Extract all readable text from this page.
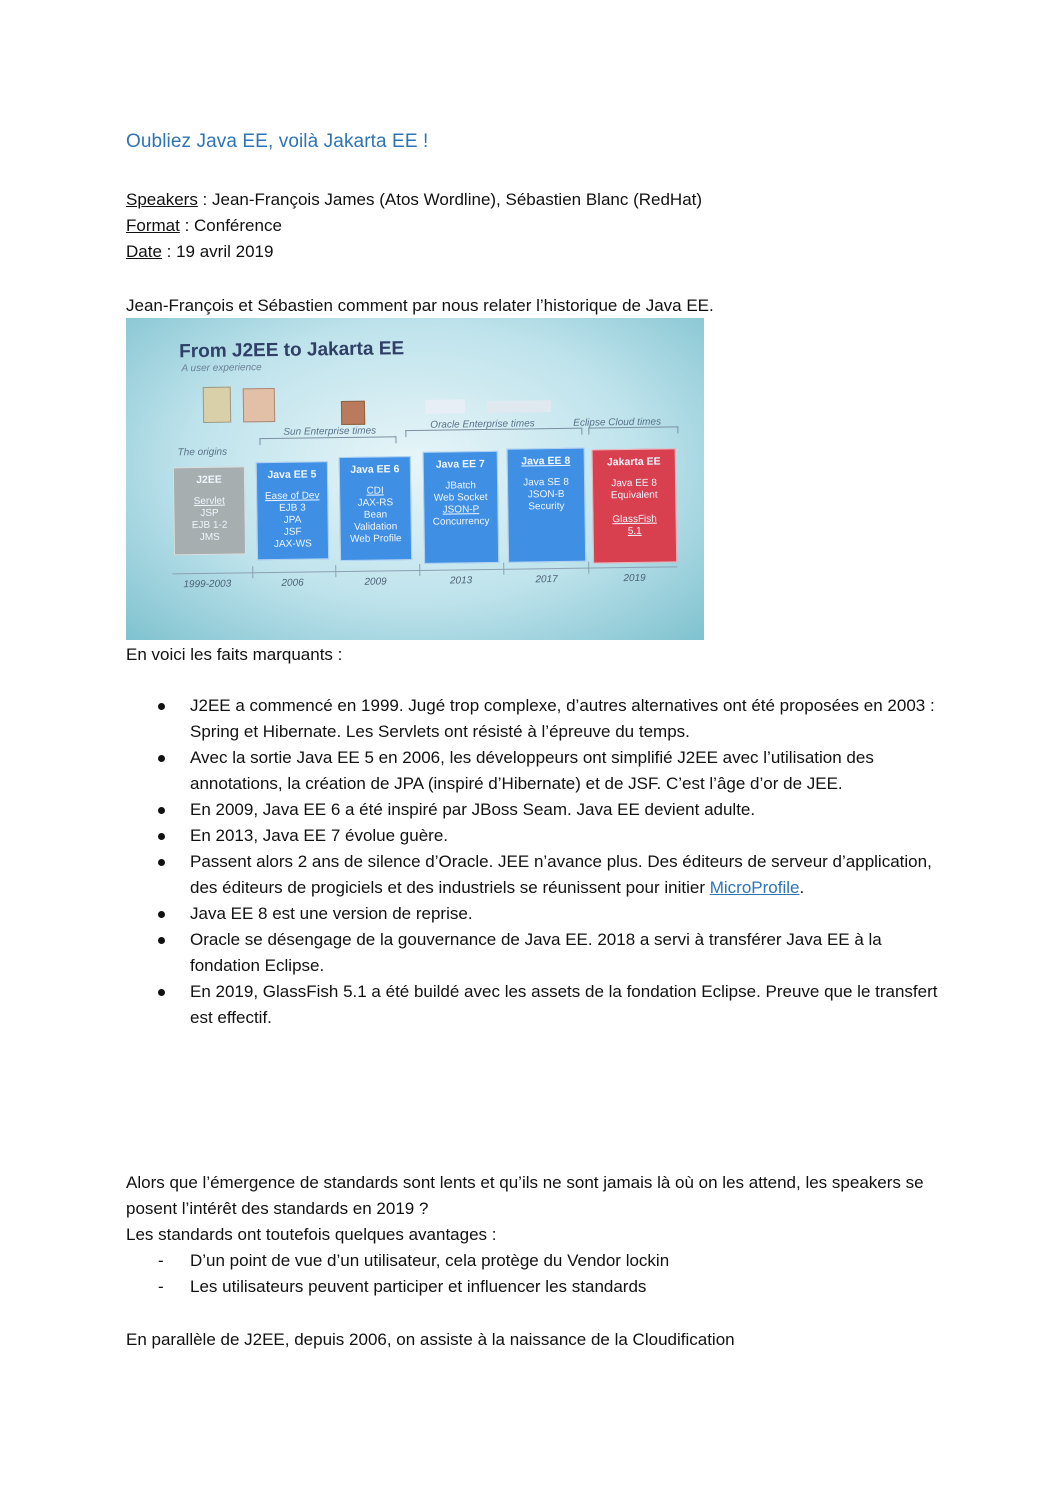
Oubliez Java EE, voilà Jakarta EE !
Speakers : Jean-François James (Atos Wordline), Sébastien Blanc (RedHat)
Format : Conférence
Date : 19 avril 2019
Jean-François et Sébastien comment par nous relater l’historique de Java EE.
From J2EE to Jakarta EE
A user experience
The origins
Sun Enterprise times
Oracle Enterprise times	Eclipse Cloud times
J2EE
Servlet
JSP
EJB 1-2
JMS
1999-2003
Java EE 5
Ease of Dev
EJB 3
JPA
JSF
JAX-WS
2006
Java EE 6
CDI
JAX-RS
Bean
Validation
Web Profile
2009
Java EE 7
JBatch
Web Socket
JSON-P
Concurrency
2013
Java EE 8
Java SE 8
JSON-B
Security
2017
Jakarta EE
Java EE 8
Equivalent

GlassFish
5.1
2019
En voici les faits marquants :
J2EE a commencé en 1999. Jugé trop complexe, d’autres alternatives ont été proposées en 2003 : Spring et Hibernate. Les Servlets ont résisté à l’épreuve du temps.
Avec la sortie Java EE 5 en 2006, les développeurs ont simplifié J2EE avec l’utilisation des annotations, la création de JPA (inspiré d’Hibernate) et de JSF. C’est l’âge d’or de JEE.
En 2009, Java EE 6 a été inspiré par JBoss Seam. Java EE devient adulte.
En 2013, Java EE 7 évolue guère.
Passent alors 2 ans de silence d’Oracle. JEE n’avance plus. Des éditeurs de serveur d’application, des éditeurs de progiciels et des industriels se réunissent pour initier MicroProfile.
Java EE 8 est une version de reprise.
Oracle se désengage de la gouvernance de Java EE. 2018 a servi à transférer Java EE à la fondation Eclipse.
En 2019, GlassFish 5.1 a été buildé avec les assets de la fondation Eclipse. Preuve que le transfert est effectif.
Alors que l’émergence de standards sont lents et qu’ils ne sont jamais là où on les attend, les speakers se posent l’intérêt des standards en 2019 ?
Les standards ont toutefois quelques avantages :
- D’un point de vue d’un utilisateur, cela protège du Vendor lockin
- Les utilisateurs peuvent participer et influencer les standards
En parallèle de J2EE, depuis 2006, on assiste à la naissance de la Cloudification
